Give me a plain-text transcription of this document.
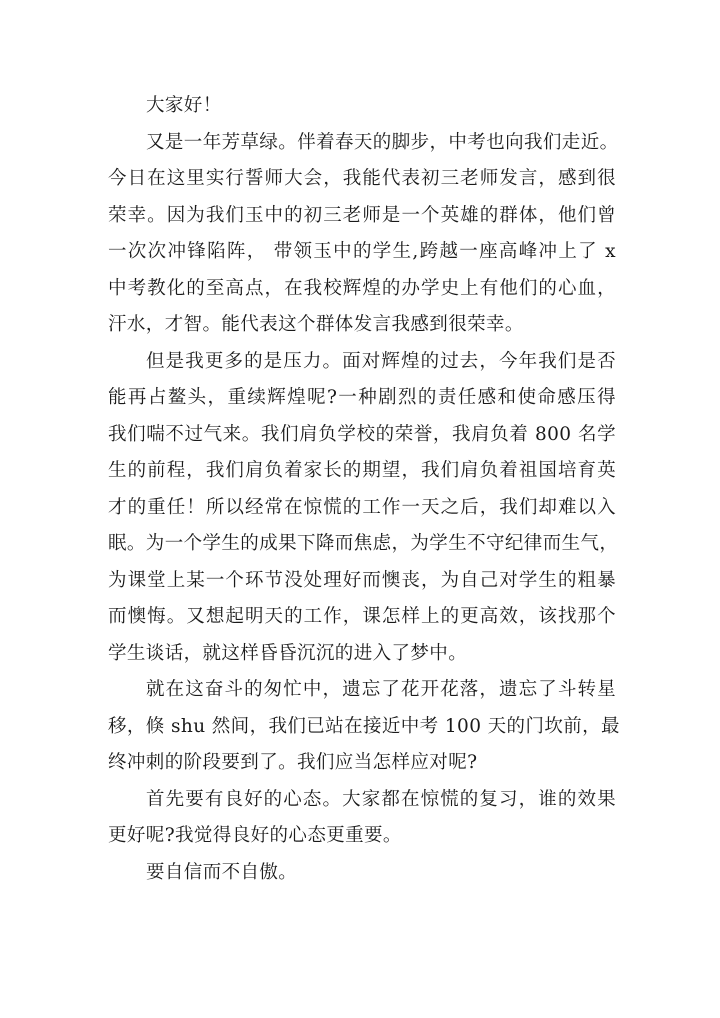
大家好！
又是一年芳草绿。伴着春天的脚步，中考也向我们走近。
今日在这里实行誓师大会，我能代表初三老师发言，感到很
荣幸。因为我们玉中的初三老师是一个英雄的群体，他们曾
一次次冲锋陷阵， 带领玉中的学生,跨越一座高峰冲上了 x
中考教化的至高点，在我校辉煌的办学史上有他们的心血，
汗水，才智。能代表这个群体发言我感到很荣幸。
但是我更多的是压力。面对辉煌的过去，今年我们是否
能再占鳌头，重续辉煌呢?一种剧烈的责任感和使命感压得
我们喘不过气来。我们肩负学校的荣誉，我肩负着 800 名学
生的前程，我们肩负着家长的期望，我们肩负着祖国培育英
才的重任！所以经常在惊慌的工作一天之后，我们却难以入
眠。为一个学生的成果下降而焦虑，为学生不守纪律而生气，
为课堂上某一个环节没处理好而懊丧，为自己对学生的粗暴
而懊悔。又想起明天的工作，课怎样上的更高效，该找那个
学生谈话，就这样昏昏沉沉的进入了梦中。
就在这奋斗的匆忙中，遗忘了花开花落，遗忘了斗转星
移，倏 shu 然间，我们已站在接近中考 100 天的门坎前，最
终冲刺的阶段要到了。我们应当怎样应对呢?
首先要有良好的心态。大家都在惊慌的复习，谁的效果
更好呢?我觉得良好的心态更重要。
要自信而不自傲。
